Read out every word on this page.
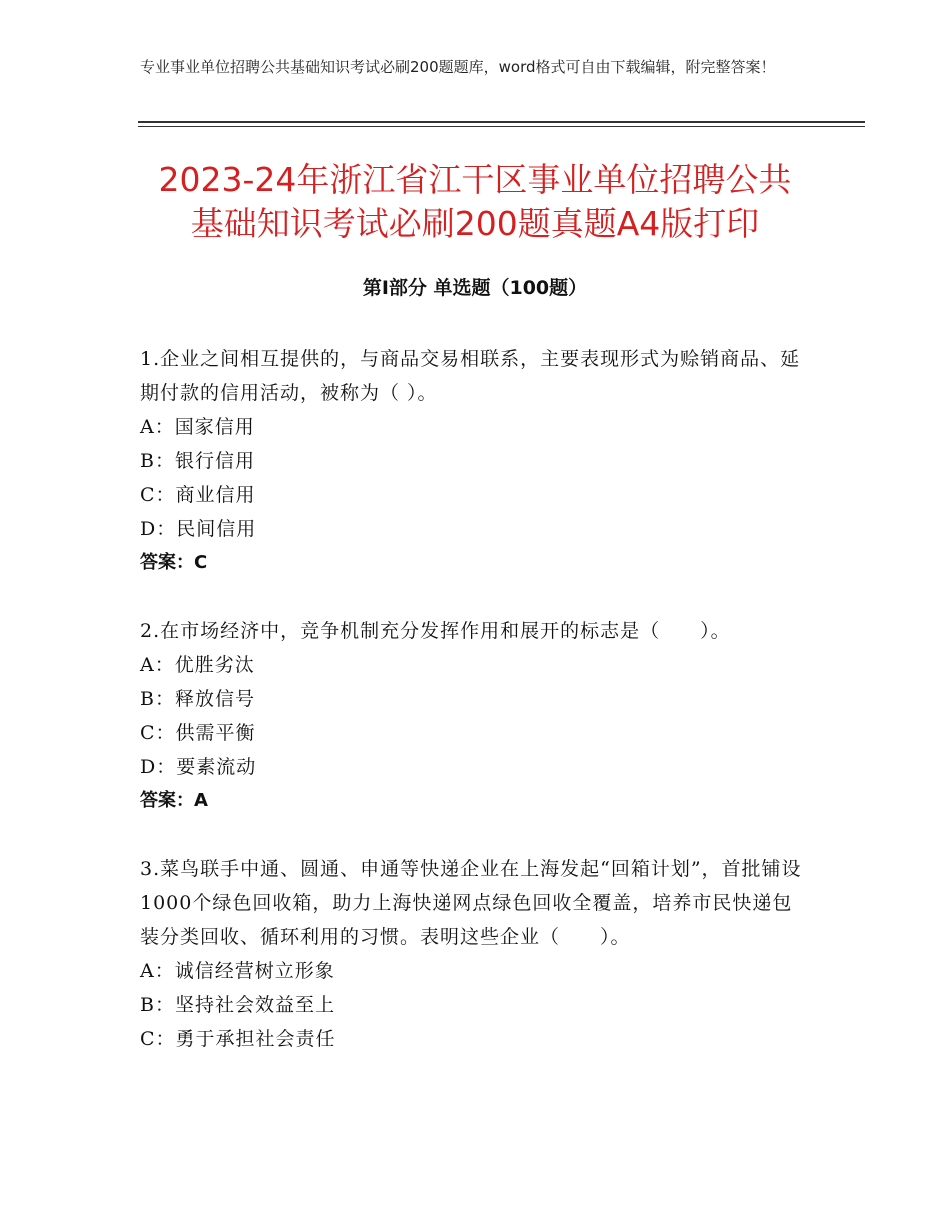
专业事业单位招聘公共基础知识考试必刷200题题库，word格式可自由下载编辑，附完整答案！
2023-24年浙江省江干区事业单位招聘公共
基础知识考试必刷200题真题A4版打印
第Ⅰ部分 单选题（100题）
1.企业之间相互提供的，与商品交易相联系，主要表现形式为赊销商品、延期付款的信用活动，被称为（ ）。
A：国家信用
B：银行信用
C：商业信用
D：民间信用
答案：C
2.在市场经济中，竞争机制充分发挥作用和展开的标志是（　　）。
A：优胜劣汰
B：释放信号
C：供需平衡
D：要素流动
答案：A
3.菜鸟联手中通、圆通、申通等快递企业在上海发起“回箱计划”，首批铺设1000个绿色回收箱，助力上海快递网点绿色回收全覆盖，培养市民快递包装分类回收、循环利用的习惯。表明这些企业（　　）。
A：诚信经营树立形象
B：坚持社会效益至上
C：勇于承担社会责任
